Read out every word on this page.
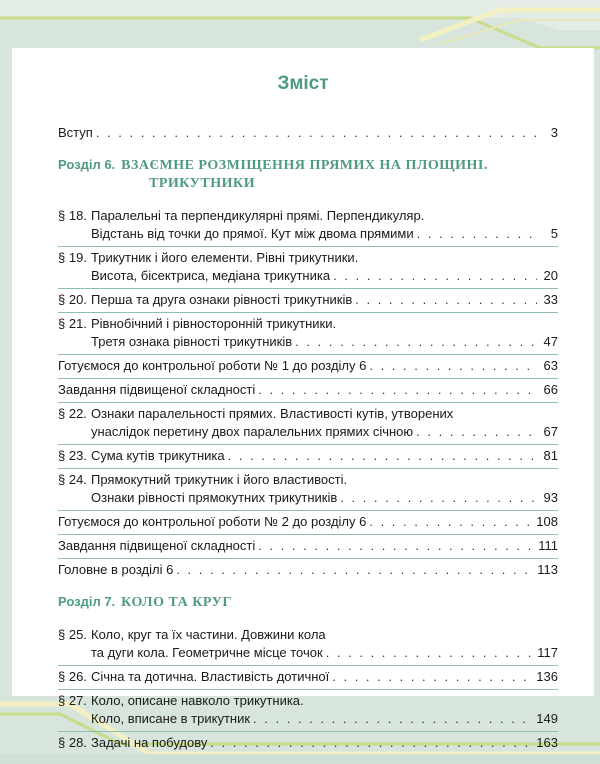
Зміст
Вступ . . .	3
Розділ 6. ВЗАЄМНЕ РОЗМІЩЕННЯ ПРЯМИХ НА ПЛОЩИНІ.
ТРИКУТНИКИ
§ 18. Паралельні та перпендикулярні прямі. Перпендикуляр.
Відстань від точки до прямої. Кут між двома прямими . . .	5
§ 19. Трикутник і його елементи. Рівні трикутники.
Висота, бісектриса, медіана трикутника . . .	20
§ 20. Перша та друга ознаки рівності трикутників . . .	33
§ 21. Рівнобічний і рівносторонній трикутники.
Третя ознака рівності трикутників . . .	47
Готуємося до контрольної роботи № 1 до розділу 6 . . .	63
Завдання підвищеної складності . . .	66
§ 22. Ознаки паралельності прямих. Властивості кутів, утворених
унаслідок перетину двох паралельних прямих січною . . .	67
§ 23. Сума кутів трикутника . . .	81
§ 24. Прямокутний трикутник і його властивості.
Ознаки рівності прямокутних трикутників . . .	93
Готуємося до контрольної роботи № 2 до розділу 6 . . .	108
Завдання підвищеної складності . . .	111
Головне в розділі 6 . . .	113
Розділ 7. КОЛО ТА КРУГ
§ 25. Коло, круг та їх частини. Довжини кола
та дуги кола. Геометричне місце точок . . .	117
§ 26. Січна та дотична. Властивість дотичної . . .	136
§ 27. Коло, описане навколо трикутника.
Коло, вписане в трикутник . . .	149
§ 28. Задачі на побудову . . .	163
